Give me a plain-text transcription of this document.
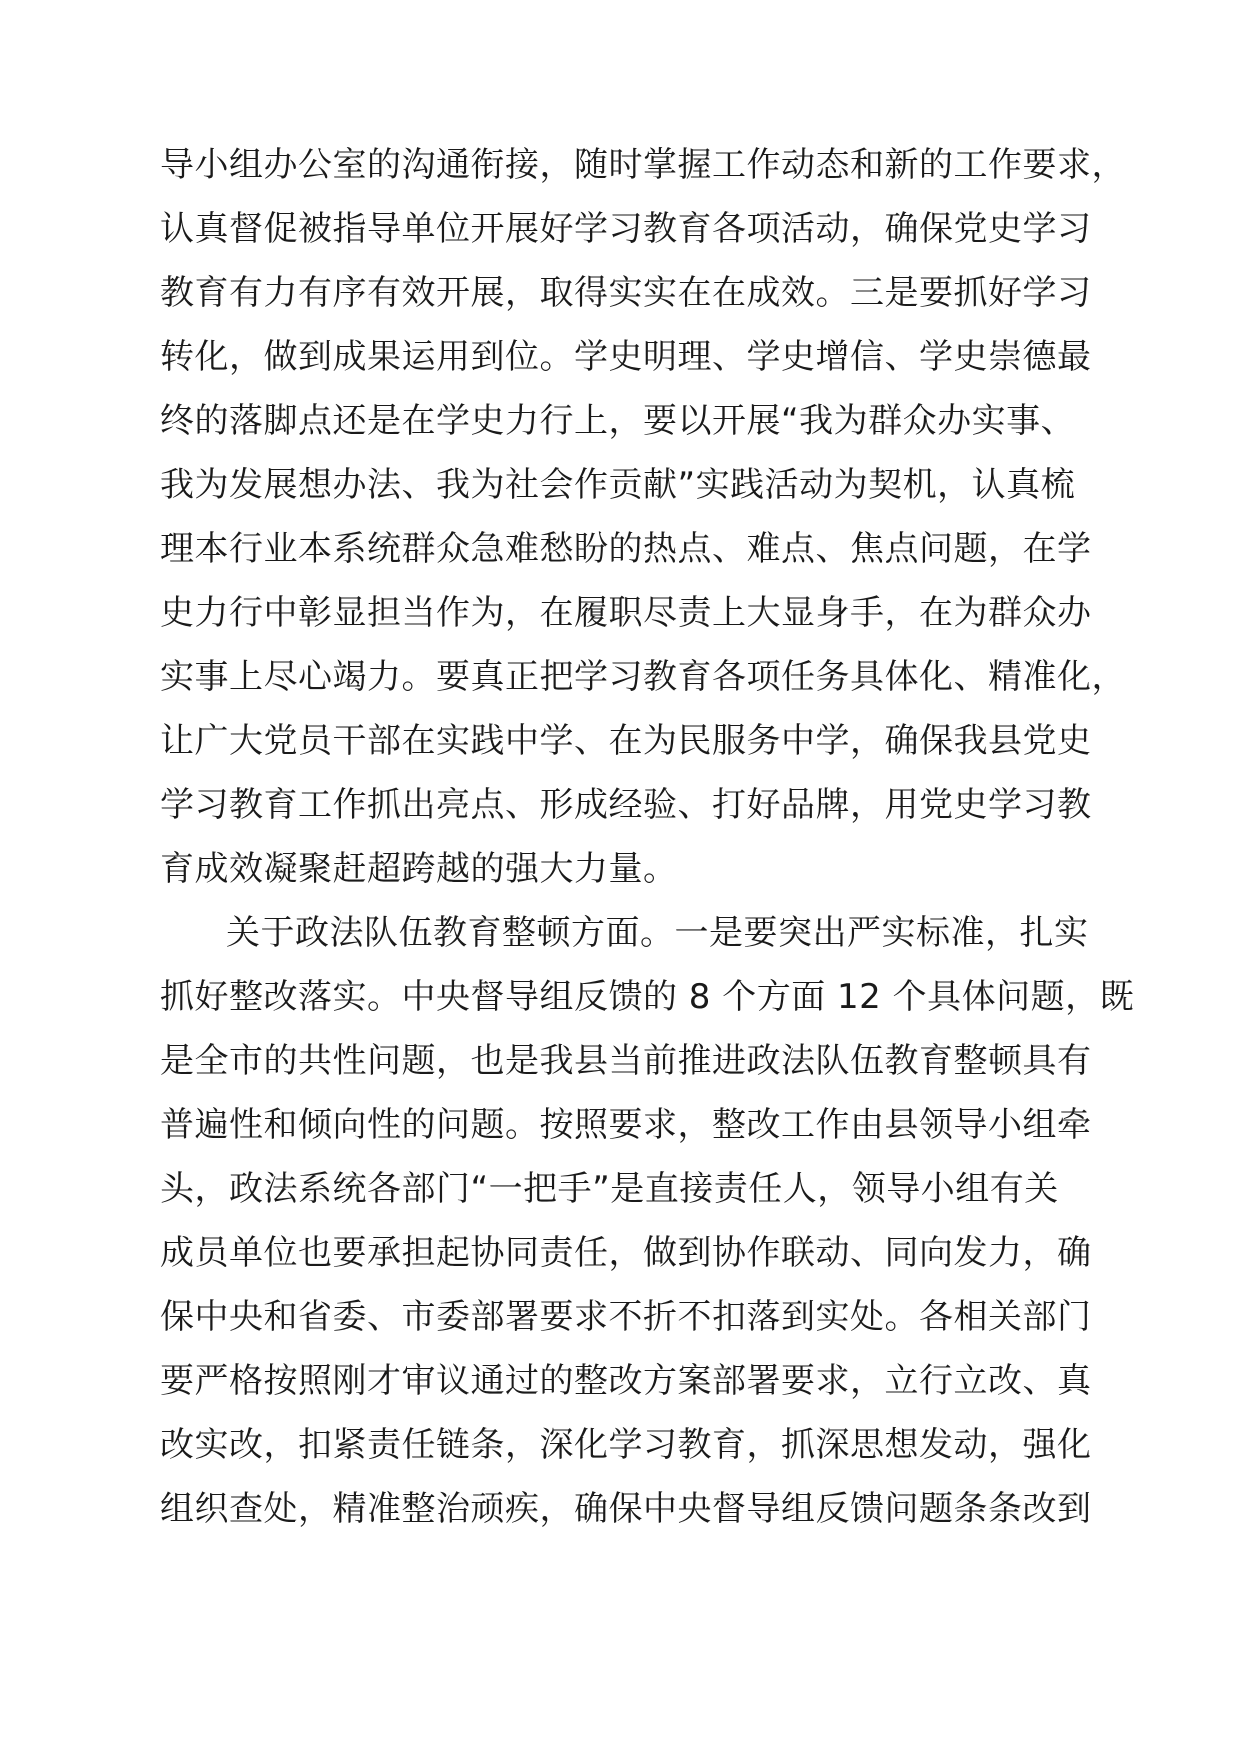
导小组办公室的沟通衔接，随时掌握工作动态和新的工作要求，
认真督促被指导单位开展好学习教育各项活动，确保党史学习
教育有力有序有效开展，取得实实在在成效。三是要抓好学习
转化，做到成果运用到位。学史明理、学史增信、学史崇德最
终的落脚点还是在学史力行上，要以开展“我为群众办实事、
我为发展想办法、我为社会作贡献”实践活动为契机，认真梳
理本行业本系统群众急难愁盼的热点、难点、焦点问题，在学
史力行中彰显担当作为，在履职尽责上大显身手，在为群众办
实事上尽心竭力。要真正把学习教育各项任务具体化、精准化，
让广大党员干部在实践中学、在为民服务中学，确保我县党史
学习教育工作抓出亮点、形成经验、打好品牌，用党史学习教
育成效凝聚赶超跨越的强大力量。
关于政法队伍教育整顿方面。一是要突出严实标准，扎实
抓好整改落实。中央督导组反馈的 8 个方面 12 个具体问题，既
是全市的共性问题，也是我县当前推进政法队伍教育整顿具有
普遍性和倾向性的问题。按照要求，整改工作由县领导小组牵
头，政法系统各部门“一把手”是直接责任人，领导小组有关
成员单位也要承担起协同责任，做到协作联动、同向发力，确
保中央和省委、市委部署要求不折不扣落到实处。各相关部门
要严格按照刚才审议通过的整改方案部署要求，立行立改、真
改实改，扣紧责任链条，深化学习教育，抓深思想发动，强化
组织查处，精准整治顽疾，确保中央督导组反馈问题条条改到
